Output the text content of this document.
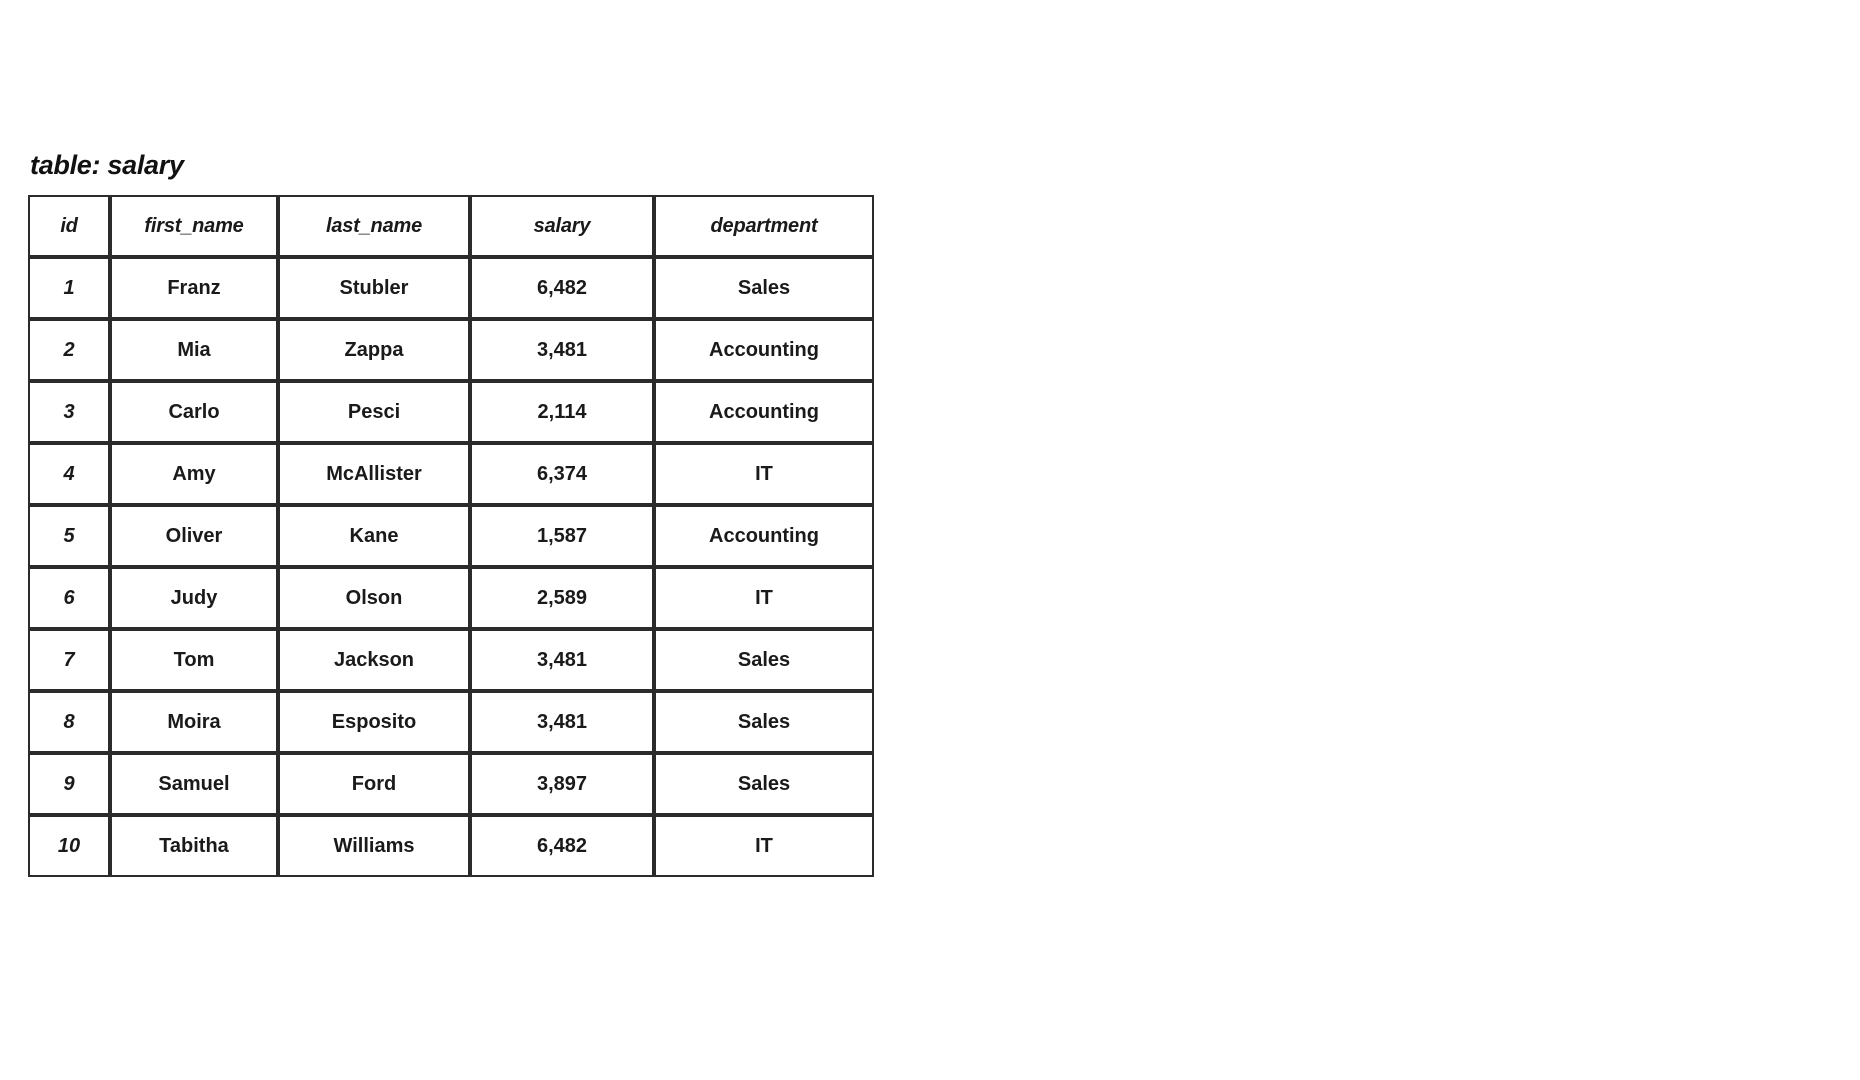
table: salary
id	first_name	last_name	salary	department
1	Franz	Stubler	6,482	Sales
2	Mia	Zappa	3,481	Accounting
3	Carlo	Pesci	2,114	Accounting
4	Amy	McAllister	6,374	IT
5	Oliver	Kane	1,587	Accounting
6	Judy	Olson	2,589	IT
7	Tom	Jackson	3,481	Sales
8	Moira	Esposito	3,481	Sales
9	Samuel	Ford	3,897	Sales
10	Tabitha	Williams	6,482	IT
